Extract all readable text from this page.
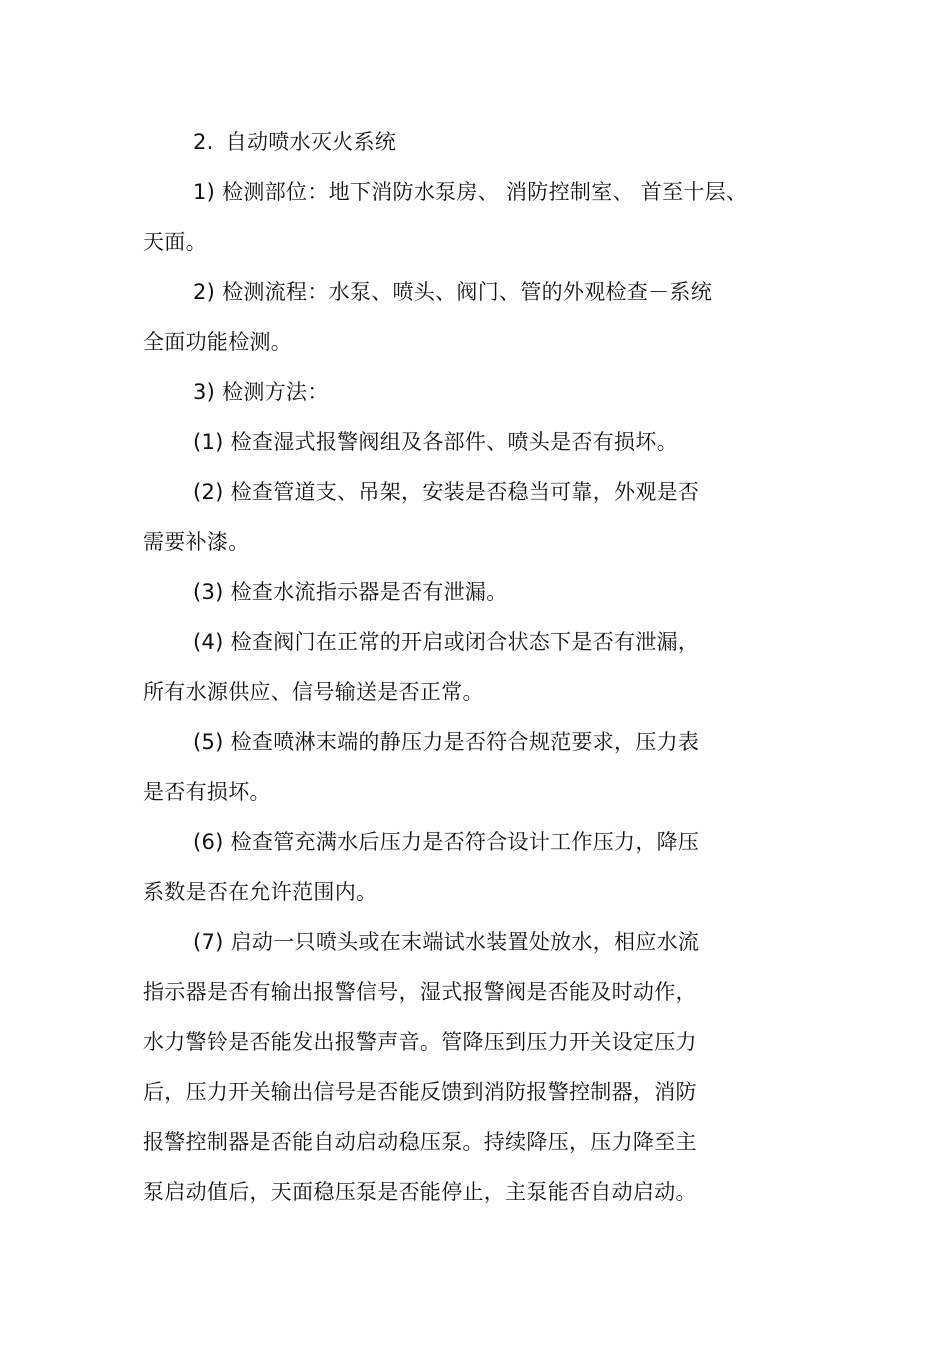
2. 自动喷水灭火系统
1) 检测部位：地下消防水泵房、 消防控制室、 首至十层、
天面。
2) 检测流程：水泵、喷头、阀门、管的外观检查－系统
全面功能检测。
3) 检测方法：
(1) 检查湿式报警阀组及各部件、喷头是否有损坏。
(2) 检查管道支、吊架，安装是否稳当可靠，外观是否
需要补漆。
(3) 检查水流指示器是否有泄漏。
(4) 检查阀门在正常的开启或闭合状态下是否有泄漏，
所有水源供应、信号输送是否正常。
(5) 检查喷淋末端的静压力是否符合规范要求，压力表
是否有损坏。
(6) 检查管充满水后压力是否符合设计工作压力，降压
系数是否在允许范围内。
(7) 启动一只喷头或在末端试水装置处放水，相应水流
指示器是否有输出报警信号，湿式报警阀是否能及时动作，
水力警铃是否能发出报警声音。管降压到压力开关设定压力
后，压力开关输出信号是否能反馈到消防报警控制器，消防
报警控制器是否能自动启动稳压泵。持续降压，压力降至主
泵启动值后，天面稳压泵是否能停止，主泵能否自动启动。
